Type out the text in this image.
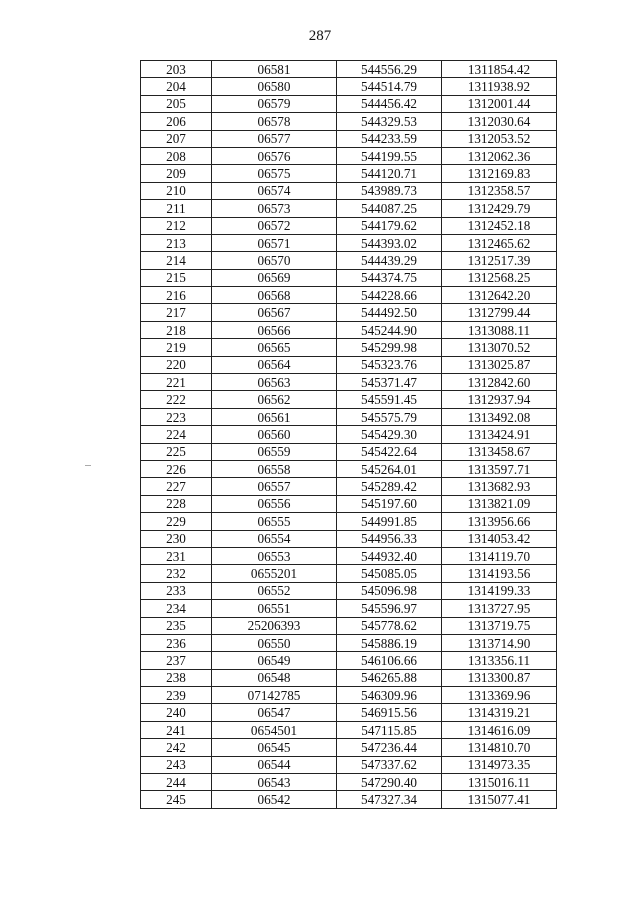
287
203	06581	544556.29	1311854.42
204	06580	544514.79	1311938.92
205	06579	544456.42	1312001.44
206	06578	544329.53	1312030.64
207	06577	544233.59	1312053.52
208	06576	544199.55	1312062.36
209	06575	544120.71	1312169.83
210	06574	543989.73	1312358.57
211	06573	544087.25	1312429.79
212	06572	544179.62	1312452.18
213	06571	544393.02	1312465.62
214	06570	544439.29	1312517.39
215	06569	544374.75	1312568.25
216	06568	544228.66	1312642.20
217	06567	544492.50	1312799.44
218	06566	545244.90	1313088.11
219	06565	545299.98	1313070.52
220	06564	545323.76	1313025.87
221	06563	545371.47	1312842.60
222	06562	545591.45	1312937.94
223	06561	545575.79	1313492.08
224	06560	545429.30	1313424.91
225	06559	545422.64	1313458.67
226	06558	545264.01	1313597.71
227	06557	545289.42	1313682.93
228	06556	545197.60	1313821.09
229	06555	544991.85	1313956.66
230	06554	544956.33	1314053.42
231	06553	544932.40	1314119.70
232	0655201	545085.05	1314193.56
233	06552	545096.98	1314199.33
234	06551	545596.97	1313727.95
235	25206393	545778.62	1313719.75
236	06550	545886.19	1313714.90
237	06549	546106.66	1313356.11
238	06548	546265.88	1313300.87
239	07142785	546309.96	1313369.96
240	06547	546915.56	1314319.21
241	0654501	547115.85	1314616.09
242	06545	547236.44	1314810.70
243	06544	547337.62	1314973.35
244	06543	547290.40	1315016.11
245	06542	547327.34	1315077.41
